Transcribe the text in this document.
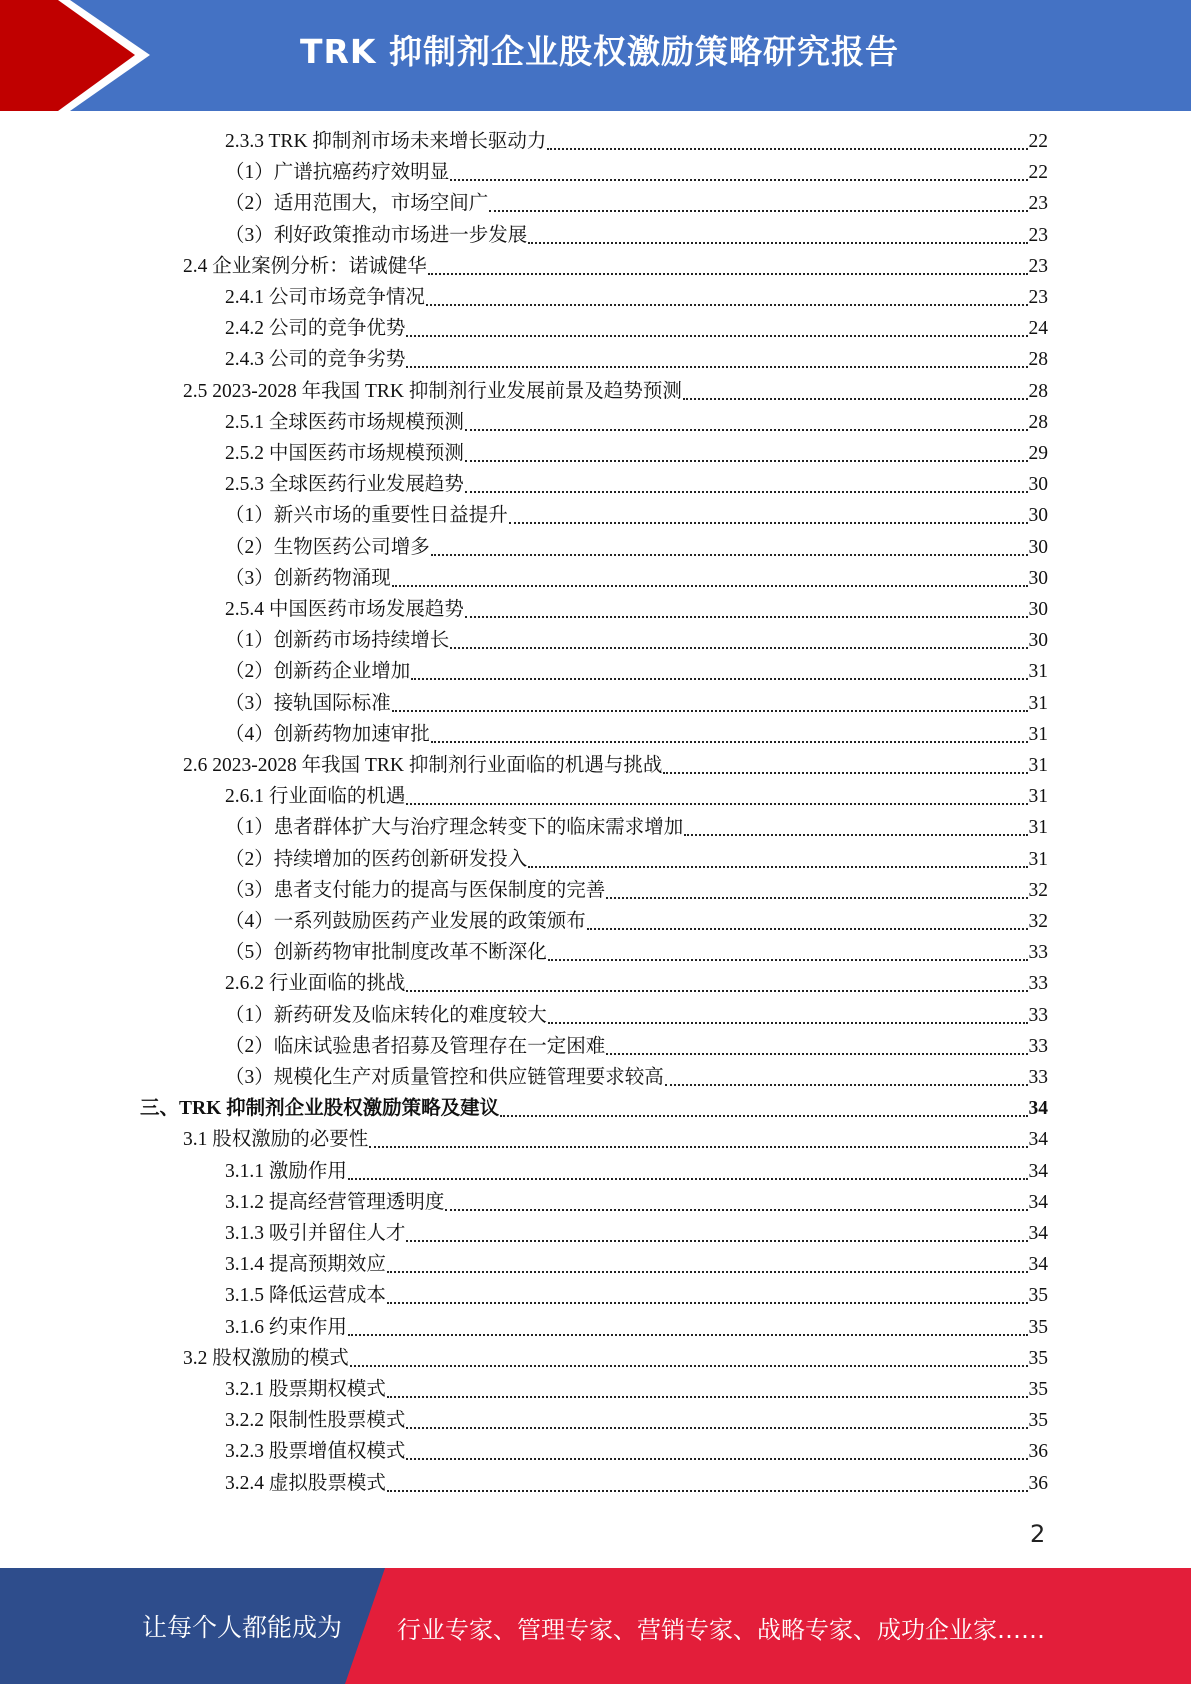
TRK 抑制剂企业股权激励策略研究报告
2.3.3 TRK 抑制剂市场未来增长驱动力	22
（1）广谱抗癌药疗效明显	22
（2）适用范围大，市场空间广	23
（3）利好政策推动市场进一步发展	23
2.4 企业案例分析：诺诚健华	23
2.4.1 公司市场竞争情况	23
2.4.2 公司的竞争优势	24
2.4.3 公司的竞争劣势	28
2.5 2023-2028 年我国 TRK 抑制剂行业发展前景及趋势预测	28
2.5.1 全球医药市场规模预测	28
2.5.2 中国医药市场规模预测	29
2.5.3 全球医药行业发展趋势	30
（1）新兴市场的重要性日益提升	30
（2）生物医药公司增多	30
（3）创新药物涌现	30
2.5.4 中国医药市场发展趋势	30
（1）创新药市场持续增长	30
（2）创新药企业增加	31
（3）接轨国际标准	31
（4）创新药物加速审批	31
2.6 2023-2028 年我国 TRK 抑制剂行业面临的机遇与挑战	31
2.6.1 行业面临的机遇	31
（1）患者群体扩大与治疗理念转变下的临床需求增加	31
（2）持续增加的医药创新研发投入	31
（3）患者支付能力的提高与医保制度的完善	32
（4）一系列鼓励医药产业发展的政策颁布	32
（5）创新药物审批制度改革不断深化	33
2.6.2 行业面临的挑战	33
（1）新药研发及临床转化的难度较大	33
（2）临床试验患者招募及管理存在一定困难	33
（3）规模化生产对质量管控和供应链管理要求较高	33
三、TRK 抑制剂企业股权激励策略及建议	34
3.1 股权激励的必要性	34
3.1.1 激励作用	34
3.1.2 提高经营管理透明度	34
3.1.3 吸引并留住人才	34
3.1.4 提高预期效应	34
3.1.5 降低运营成本	35
3.1.6 约束作用	35
3.2 股权激励的模式	35
3.2.1 股票期权模式	35
3.2.2 限制性股票模式	35
3.2.3 股票增值权模式	36
3.2.4 虚拟股票模式	36
2
让每个人都能成为 行业专家、管理专家、营销专家、战略专家、成功企业家……
